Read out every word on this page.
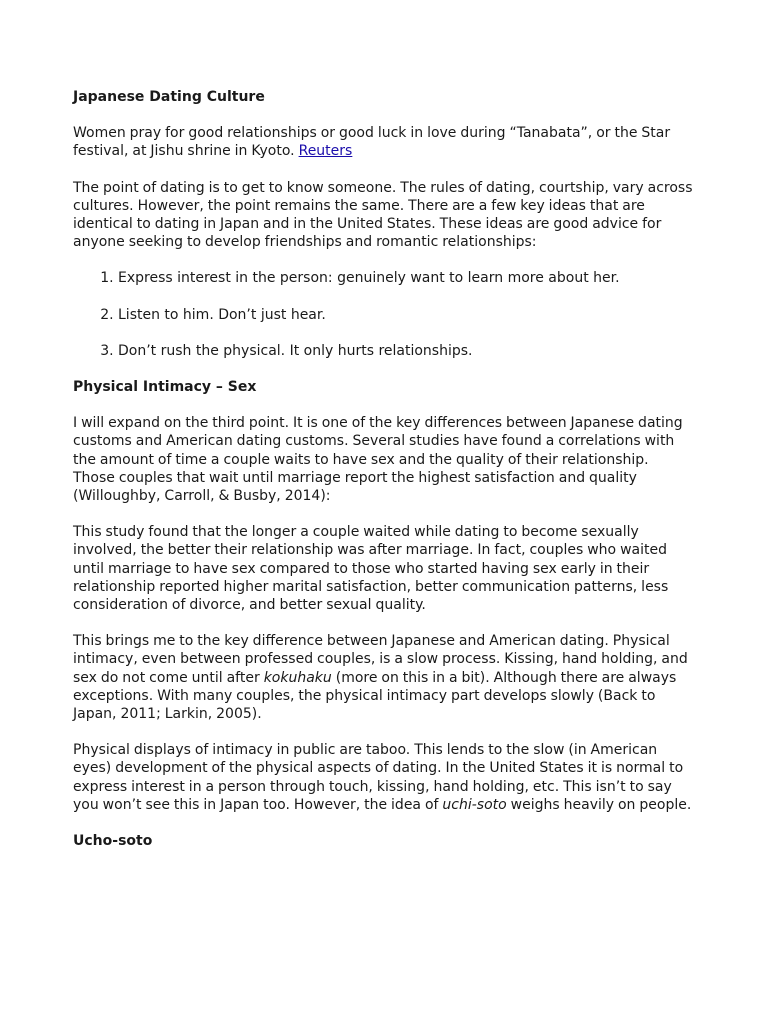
Japanese Dating Culture

Women pray for good relationships or good luck in love during “Tanabata”, or the Star festival, at Jishu shrine in Kyoto. Reuters

The point of dating is to get to know someone. The rules of dating, courtship, vary across cultures. However, the point remains the same. There are a few key ideas that are identical to dating in Japan and in the United States. These ideas are good advice for anyone seeking to develop friendships and romantic relationships:

1. Express interest in the person: genuinely want to learn more about her.
2. Listen to him. Don’t just hear.
3. Don’t rush the physical. It only hurts relationships.
Physical Intimacy – Sex

I will expand on the third point. It is one of the key differences between Japanese dating customs and American dating customs. Several studies have found a correlations with the amount of time a couple waits to have sex and the quality of their relationship. Those couples that wait until marriage report the highest satisfaction and quality (Willoughby, Carroll, & Busby, 2014):

This study found that the longer a couple waited while dating to become sexually involved, the better their relationship was after marriage. In fact, couples who waited until marriage to have sex compared to those who started having sex early in their relationship reported higher marital satisfaction, better communication patterns, less consideration of divorce, and better sexual quality.

This brings me to the key difference between Japanese and American dating. Physical intimacy, even between professed couples, is a slow process. Kissing, hand holding, and sex do not come until after kokuhaku (more on this in a bit). Although there are always exceptions. With many couples, the physical intimacy part develops slowly (Back to Japan, 2011; Larkin, 2005).

Physical displays of intimacy in public are taboo. This lends to the slow (in American eyes) development of the physical aspects of dating. In the United States it is normal to express interest in a person through touch, kissing, hand holding, etc. This isn’t to say you won’t see this in Japan too. However, the idea of uchi-soto weighs heavily on people.

Ucho-soto
